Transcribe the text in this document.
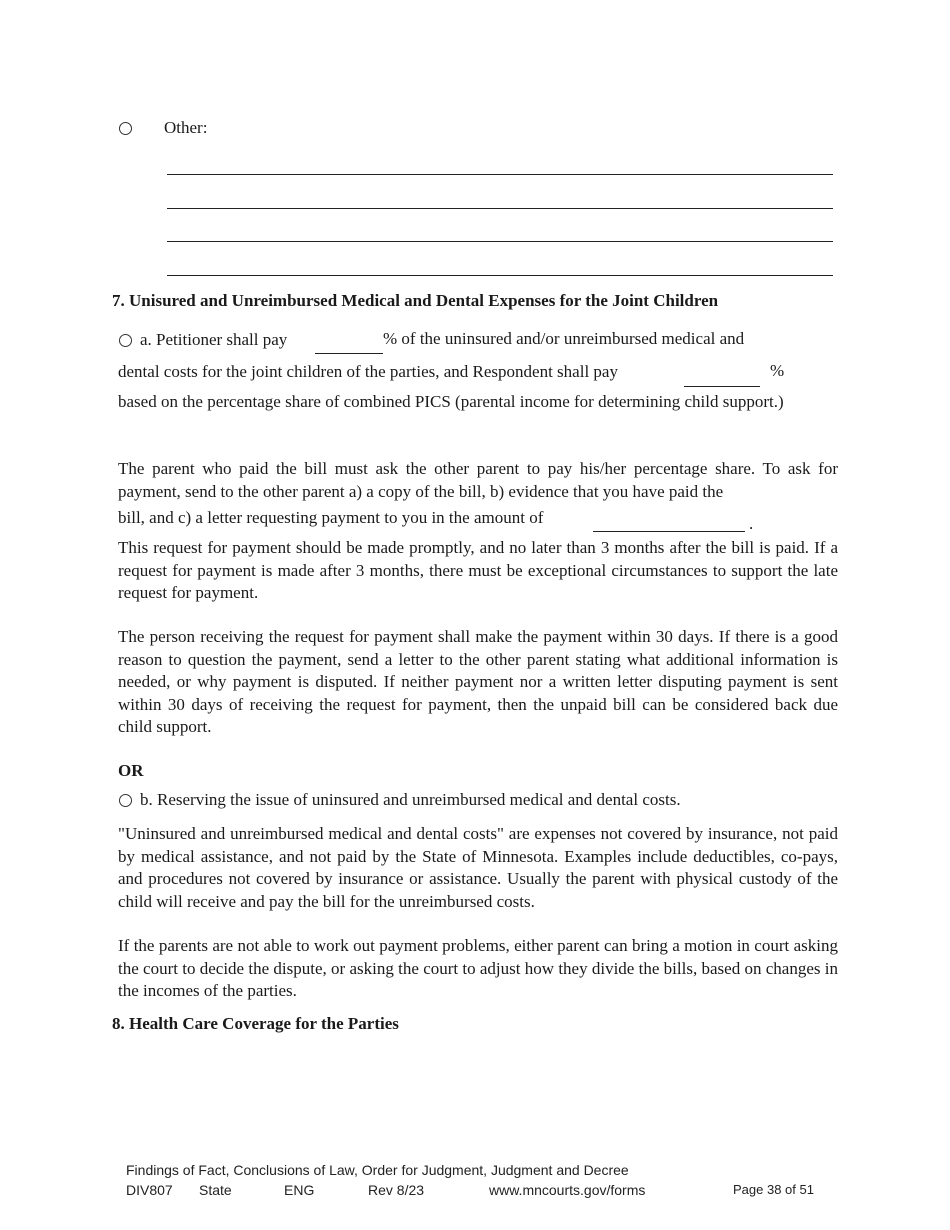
Other:
7. Unisured and Unreimbursed Medical and Dental Expenses for the Joint Children
a. Petitioner shall pay	% of the uninsured and/or unreimbursed medical and
dental costs for the joint children of the parties, and Respondent shall pay	%
based on the percentage share of combined PICS (parental income for determining child support.)
The parent who paid the bill must ask the other parent to pay his/her percentage share. To ask for payment, send to the other parent a) a copy of the bill, b) evidence that you have paid the
bill, and c) a letter requesting payment to you in the amount of	.
This request for payment should be made promptly, and no later than 3 months after the bill is paid. If a request for payment is made after 3 months, there must be exceptional circumstances to support the late request for payment.
The person receiving the request for payment shall make the payment within 30 days. If there is a good reason to question the payment, send a letter to the other parent stating what additional information is needed, or why payment is disputed. If neither payment nor a written letter disputing payment is sent within 30 days of receiving the request for payment, then the unpaid bill can be considered back due child support.
OR
b. Reserving the issue of uninsured and unreimbursed medical and dental costs.
"Uninsured and unreimbursed medical and dental costs" are expenses not covered by insurance, not paid by medical assistance, and not paid by the State of Minnesota. Examples include deductibles, co-pays, and procedures not covered by insurance or assistance. Usually the parent with physical custody of the child will receive and pay the bill for the unreimbursed costs.
If the parents are not able to work out payment problems, either parent can bring a motion in court asking the court to decide the dispute, or asking the court to adjust how they divide the bills, based on changes in the incomes of the parties.
8. Health Care Coverage for the Parties
Findings of Fact, Conclusions of Law, Order for Judgment, Judgment and Decree
DIV807 State	ENG	Rev 8/23	www.mncourts.gov/forms	Page 38 of 51
